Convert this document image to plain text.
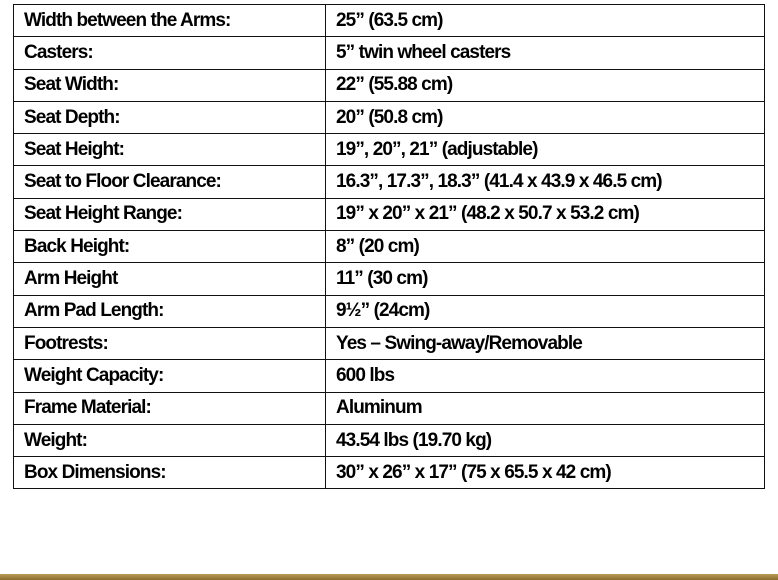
Width between the Arms:	25” (63.5 cm)
Casters:	5” twin wheel casters
Seat Width:	22” (55.88 cm)
Seat Depth:	20” (50.8 cm)
Seat Height:	19”, 20”, 21” (adjustable)
Seat to Floor Clearance:	16.3”, 17.3”, 18.3” (41.4 x 43.9 x 46.5 cm)
Seat Height Range:	19” x 20” x 21” (48.2 x 50.7 x 53.2 cm)
Back Height:	8” (20 cm)
Arm Height	11” (30 cm)
Arm Pad Length:	9½” (24cm)
Footrests:	Yes – Swing-away/Removable
Weight Capacity:	600 lbs
Frame Material:	Aluminum
Weight:	43.54 lbs (19.70 kg)
Box Dimensions:	30” x 26” x 17” (75 x 65.5 x 42 cm)
